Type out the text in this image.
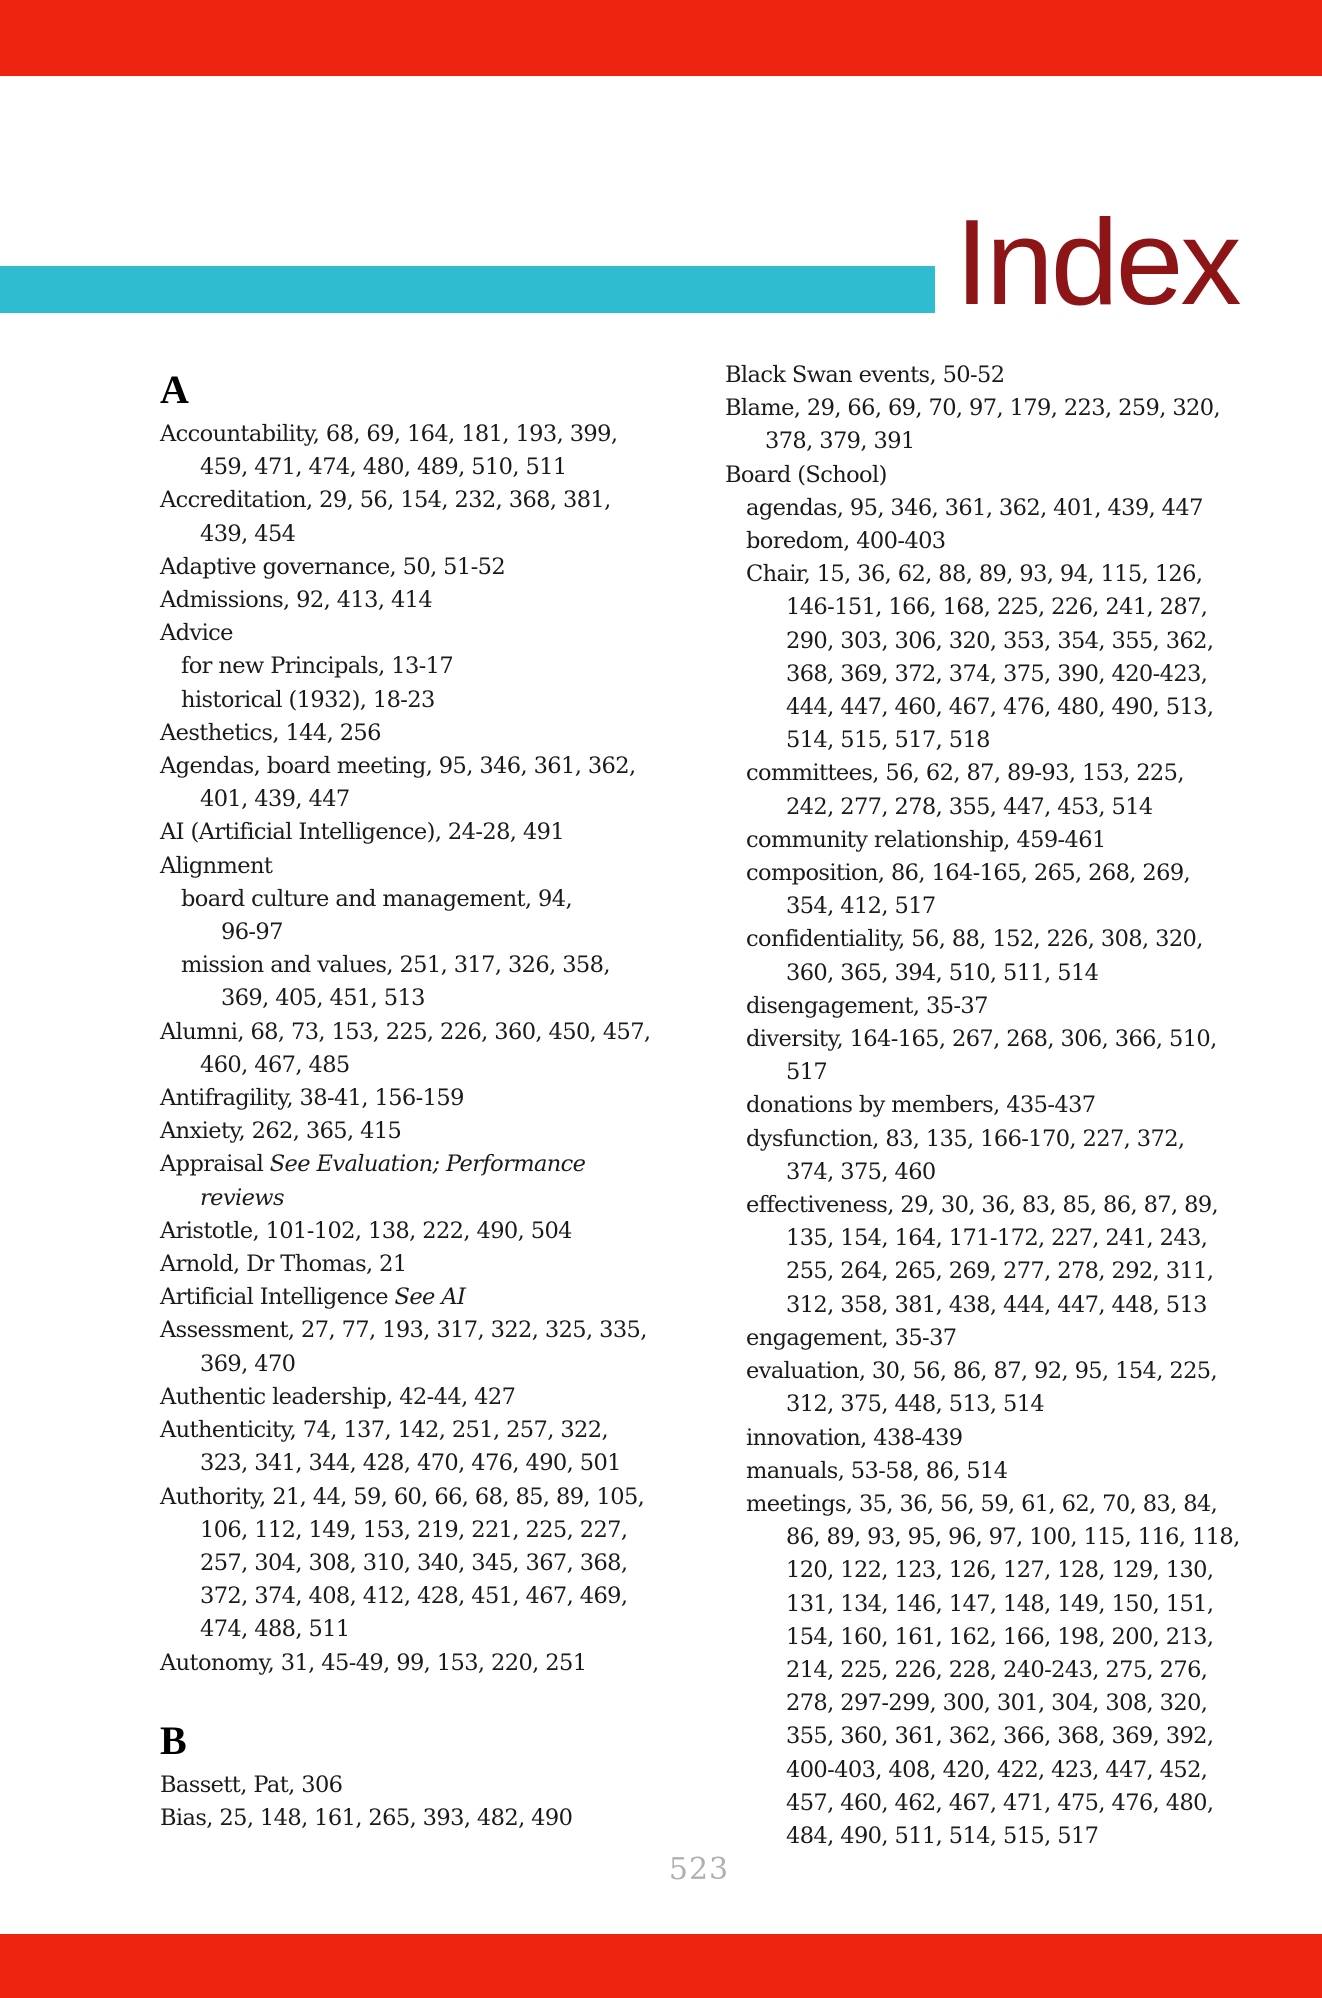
Index
A
Accountability, 68, 69, 164, 181, 193, 399,
459, 471, 474, 480, 489, 510, 511
Accreditation, 29, 56, 154, 232, 368, 381,
439, 454
Adaptive governance, 50, 51-52
Admissions, 92, 413, 414
Advice
for new Principals, 13-17
historical (1932), 18-23
Aesthetics, 144, 256
Agendas, board meeting, 95, 346, 361, 362,
401, 439, 447
AI (Artificial Intelligence), 24-28, 491
Alignment
board culture and management, 94,
96-97
mission and values, 251, 317, 326, 358,
369, 405, 451, 513
Alumni, 68, 73, 153, 225, 226, 360, 450, 457,
460, 467, 485
Antifragility, 38-41, 156-159
Anxiety, 262, 365, 415
Appraisal See Evaluation; Performance
reviews
Aristotle, 101-102, 138, 222, 490, 504
Arnold, Dr Thomas, 21
Artificial Intelligence See AI
Assessment, 27, 77, 193, 317, 322, 325, 335,
369, 470
Authentic leadership, 42-44, 427
Authenticity, 74, 137, 142, 251, 257, 322,
323, 341, 344, 428, 470, 476, 490, 501
Authority, 21, 44, 59, 60, 66, 68, 85, 89, 105,
106, 112, 149, 153, 219, 221, 225, 227,
257, 304, 308, 310, 340, 345, 367, 368,
372, 374, 408, 412, 428, 451, 467, 469,
474, 488, 511
Autonomy, 31, 45-49, 99, 153, 220, 251
B
Bassett, Pat, 306
Bias, 25, 148, 161, 265, 393, 482, 490
Black Swan events, 50-52
Blame, 29, 66, 69, 70, 97, 179, 223, 259, 320,
378, 379, 391
Board (School)
agendas, 95, 346, 361, 362, 401, 439, 447
boredom, 400-403
Chair, 15, 36, 62, 88, 89, 93, 94, 115, 126,
146-151, 166, 168, 225, 226, 241, 287,
290, 303, 306, 320, 353, 354, 355, 362,
368, 369, 372, 374, 375, 390, 420-423,
444, 447, 460, 467, 476, 480, 490, 513,
514, 515, 517, 518
committees, 56, 62, 87, 89-93, 153, 225,
242, 277, 278, 355, 447, 453, 514
community relationship, 459-461
composition, 86, 164-165, 265, 268, 269,
354, 412, 517
confidentiality, 56, 88, 152, 226, 308, 320,
360, 365, 394, 510, 511, 514
disengagement, 35-37
diversity, 164-165, 267, 268, 306, 366, 510,
517
donations by members, 435-437
dysfunction, 83, 135, 166-170, 227, 372,
374, 375, 460
effectiveness, 29, 30, 36, 83, 85, 86, 87, 89,
135, 154, 164, 171-172, 227, 241, 243,
255, 264, 265, 269, 277, 278, 292, 311,
312, 358, 381, 438, 444, 447, 448, 513
engagement, 35-37
evaluation, 30, 56, 86, 87, 92, 95, 154, 225,
312, 375, 448, 513, 514
innovation, 438-439
manuals, 53-58, 86, 514
meetings, 35, 36, 56, 59, 61, 62, 70, 83, 84,
86, 89, 93, 95, 96, 97, 100, 115, 116, 118,
120, 122, 123, 126, 127, 128, 129, 130,
131, 134, 146, 147, 148, 149, 150, 151,
154, 160, 161, 162, 166, 198, 200, 213,
214, 225, 226, 228, 240-243, 275, 276,
278, 297-299, 300, 301, 304, 308, 320,
355, 360, 361, 362, 366, 368, 369, 392,
400-403, 408, 420, 422, 423, 447, 452,
457, 460, 462, 467, 471, 475, 476, 480,
484, 490, 511, 514, 515, 517
523
